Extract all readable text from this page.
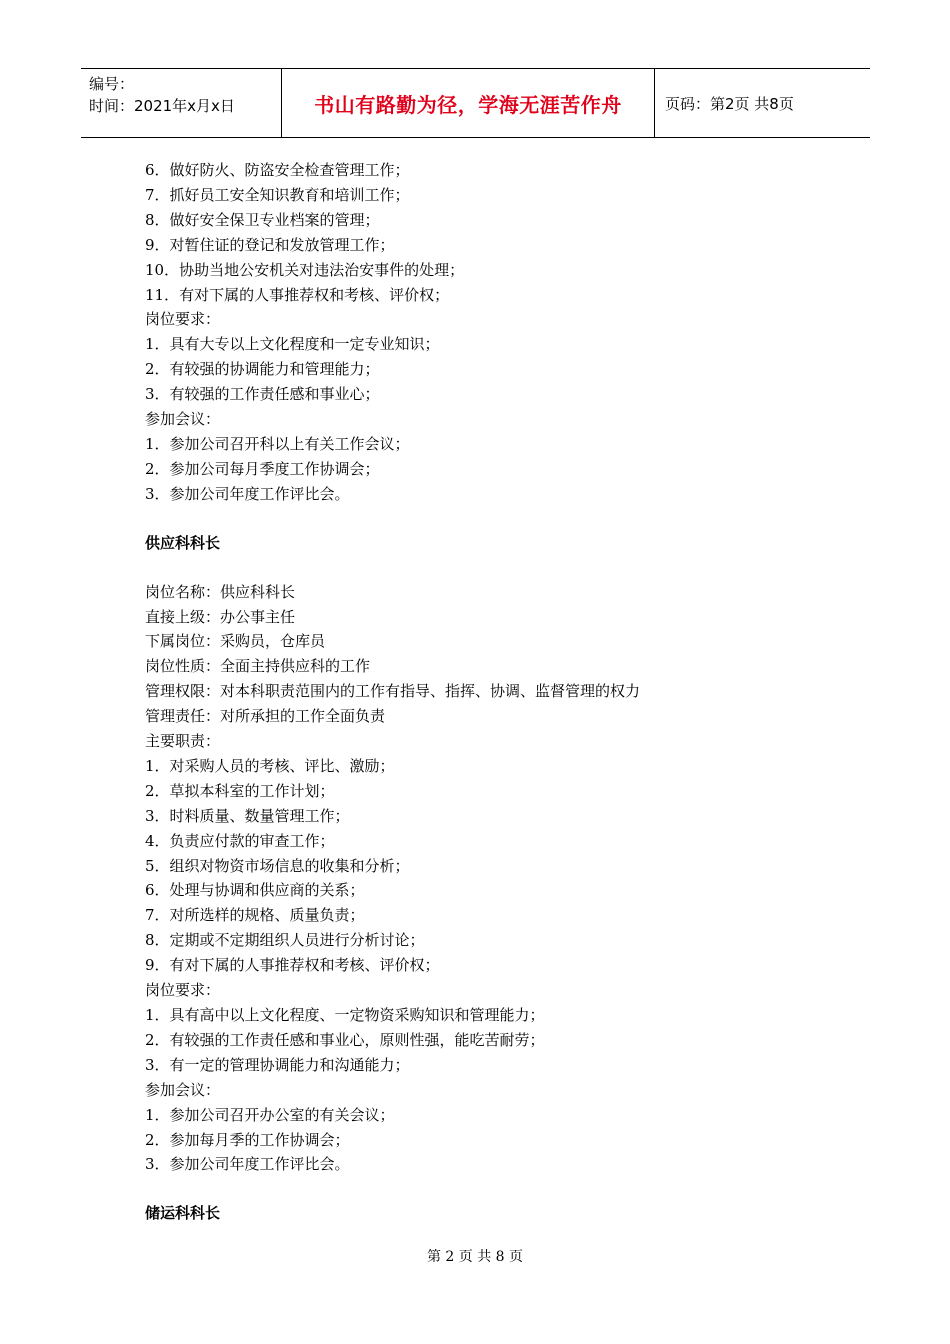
编号：
时间：2021年x月x日	书山有路勤为径，学海无涯苦作舟	页码：第2页 共8页

6．做好防火、防盗安全检查管理工作；

7．抓好员工安全知识教育和培训工作；

8．做好安全保卫专业档案的管理；

9．对暂住证的登记和发放管理工作；

10．协助当地公安机关对违法治安事件的处理；

11．有对下属的人事推荐权和考核、评价权；

岗位要求：

1．具有大专以上文化程度和一定专业知识；

2．有较强的协调能力和管理能力；

3．有较强的工作责任感和事业心；

参加会议：

1．参加公司召开科以上有关工作会议；

2．参加公司每月季度工作协调会；

3．参加公司年度工作评比会。

供应科科长

岗位名称：供应科科长

直接上级：办公事主任

下属岗位：采购员，仓库员

岗位性质：全面主持供应科的工作

管理权限：对本科职责范围内的工作有指导、指挥、协调、监督管理的权力

管理责任：对所承担的工作全面负责

主要职责：

1．对采购人员的考核、评比、激励；

2．草拟本科室的工作计划；

3．时料质量、数量管理工作；

4．负责应付款的审查工作；

5．组织对物资市场信息的收集和分析；

6．处理与协调和供应商的关系；

7．对所选样的规格、质量负责；

8．定期或不定期组织人员进行分析讨论；

9．有对下属的人事推荐权和考核、评价权；

岗位要求：

1．具有高中以上文化程度、一定物资采购知识和管理能力；

2．有较强的工作责任感和事业心，原则性强，能吃苦耐劳；

3．有一定的管理协调能力和沟通能力；

参加会议：

1．参加公司召开办公室的有关会议；

2．参加每月季的工作协调会；

3．参加公司年度工作评比会。

储运科科长

第 2 页 共 8 页
